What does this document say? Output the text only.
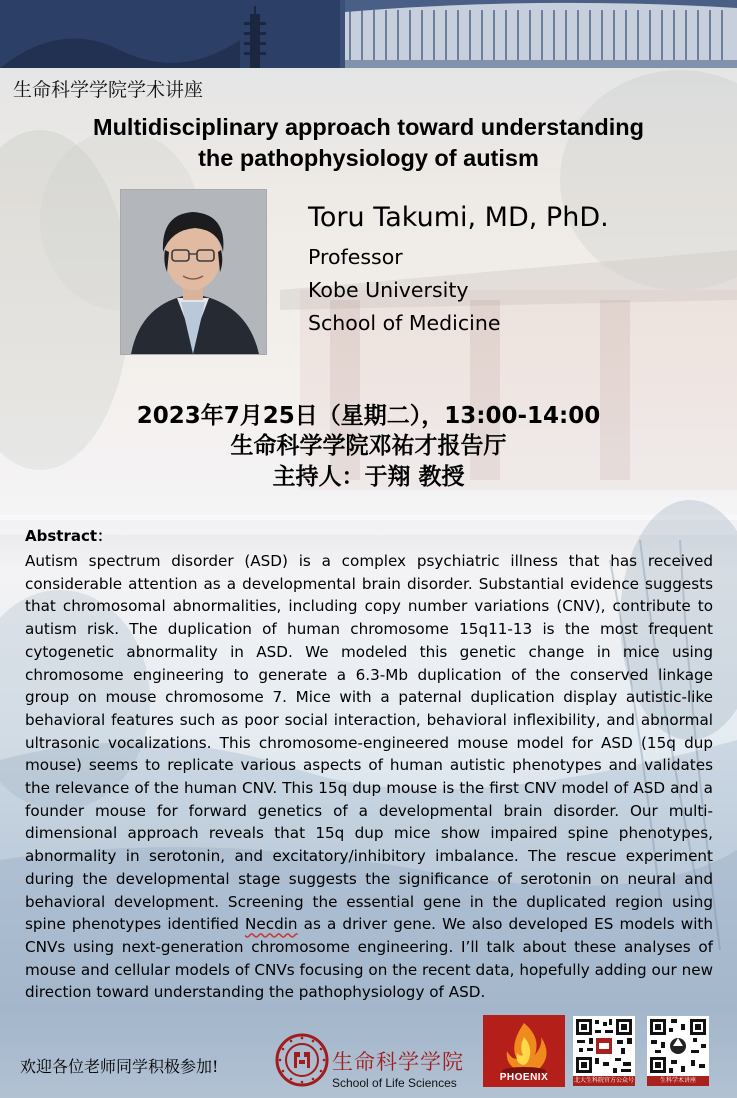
生命科学学院学术讲座
Multidisciplinary approach toward understanding
the pathophysiology of autism
Toru Takumi, MD, PhD.
Professor
Kobe University
School of Medicine
2023年7月25日（星期二），13:00-14:00
生命科学学院邓祐才报告厅
主持人：于翔 教授
Abstract：
Autism spectrum disorder (ASD) is a complex psychiatric illness that has received considerable attention as a developmental brain disorder. Substantial evidence suggests that chromosomal abnormalities, including copy number variations (CNV), contribute to autism risk. The duplication of human chromosome 15q11-13 is the most frequent cytogenetic abnormality in ASD. We modeled this genetic change in mice using chromosome engineering to generate a 6.3-Mb duplication of the conserved linkage group on mouse chromosome 7. Mice with a paternal duplication display autistic-like behavioral features such as poor social interaction, behavioral inflexibility, and abnormal ultrasonic vocalizations. This chromosome-engineered mouse model for ASD (15q dup mouse) seems to replicate various aspects of human autistic phenotypes and validates the relevance of the human CNV. This 15q dup mouse is the first CNV model of ASD and a founder mouse for forward genetics of a developmental brain disorder. Our multi-dimensional approach reveals that 15q dup mice show impaired spine phenotypes, abnormality in serotonin, and excitatory/inhibitory imbalance. The rescue experiment during the developmental stage suggests the significance of serotonin on neural and behavioral development. Screening the essential gene in the duplicated region using spine phenotypes identified Necdin as a driver gene. We also developed ES models with CNVs using next-generation chromosome engineering. I’ll talk about these analyses of mouse and cellular models of CNVs focusing on the recent data, hopefully adding our new direction toward understanding the pathophysiology of ASD.
欢迎各位老师同学积极参加!	生命科学学院
School of Life Sciences	PHOENIX	北大生科院官方公众号	生科学术讲座
